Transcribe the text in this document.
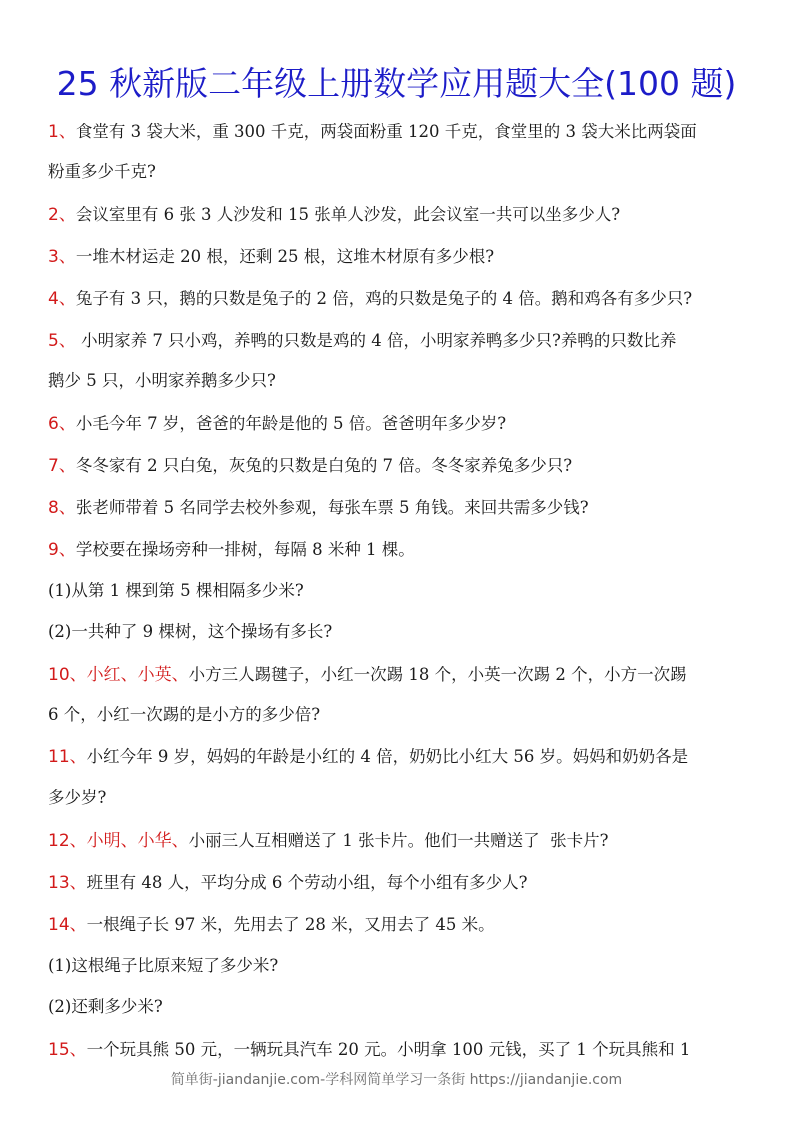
25 秋新版二年级上册数学应用题大全(100 题)
1、食堂有 3 袋大米，重 300 千克，两袋面粉重 120 千克，食堂里的 3 袋大米比两袋面
粉重多少千克?
2、会议室里有 6 张 3 人沙发和 15 张单人沙发，此会议室一共可以坐多少人?
3、一堆木材运走 20 根，还剩 25 根，这堆木材原有多少根?
4、兔子有 3 只，鹅的只数是兔子的 2 倍，鸡的只数是兔子的 4 倍。鹅和鸡各有多少只?
5、 小明家养 7 只小鸡，养鸭的只数是鸡的 4 倍，小明家养鸭多少只?养鸭的只数比养
鹅少 5 只，小明家养鹅多少只?
6、小毛今年 7 岁，爸爸的年龄是他的 5 倍。爸爸明年多少岁?
7、冬冬家有 2 只白兔，灰兔的只数是白兔的 7 倍。冬冬家养兔多少只?
8、张老师带着 5 名同学去校外参观，每张车票 5 角钱。来回共需多少钱?
9、学校要在操场旁种一排树，每隔 8 米种 1 棵。
(1)从第 1 棵到第 5 棵相隔多少米?
(2)一共种了 9 棵树，这个操场有多长?
10、小红、小英、小方三人踢毽子，小红一次踢 18 个，小英一次踢 2 个，小方一次踢
6 个，小红一次踢的是小方的多少倍?
11、小红今年 9 岁，妈妈的年龄是小红的 4 倍，奶奶比小红大 56 岁。妈妈和奶奶各是
多少岁?
12、小明、小华、小丽三人互相赠送了 1 张卡片。他们一共赠送了  张卡片?
13、班里有 48 人，平均分成 6 个劳动小组，每个小组有多少人?
14、一根绳子长 97 米，先用去了 28 米，又用去了 45 米。
(1)这根绳子比原来短了多少米?
(2)还剩多少米?
15、一个玩具熊 50 元，一辆玩具汽车 20 元。小明拿 100 元钱，买了 1 个玩具熊和 1
简单街-jiandanjie.com-学科网简单学习一条街 https://jiandanjie.com
